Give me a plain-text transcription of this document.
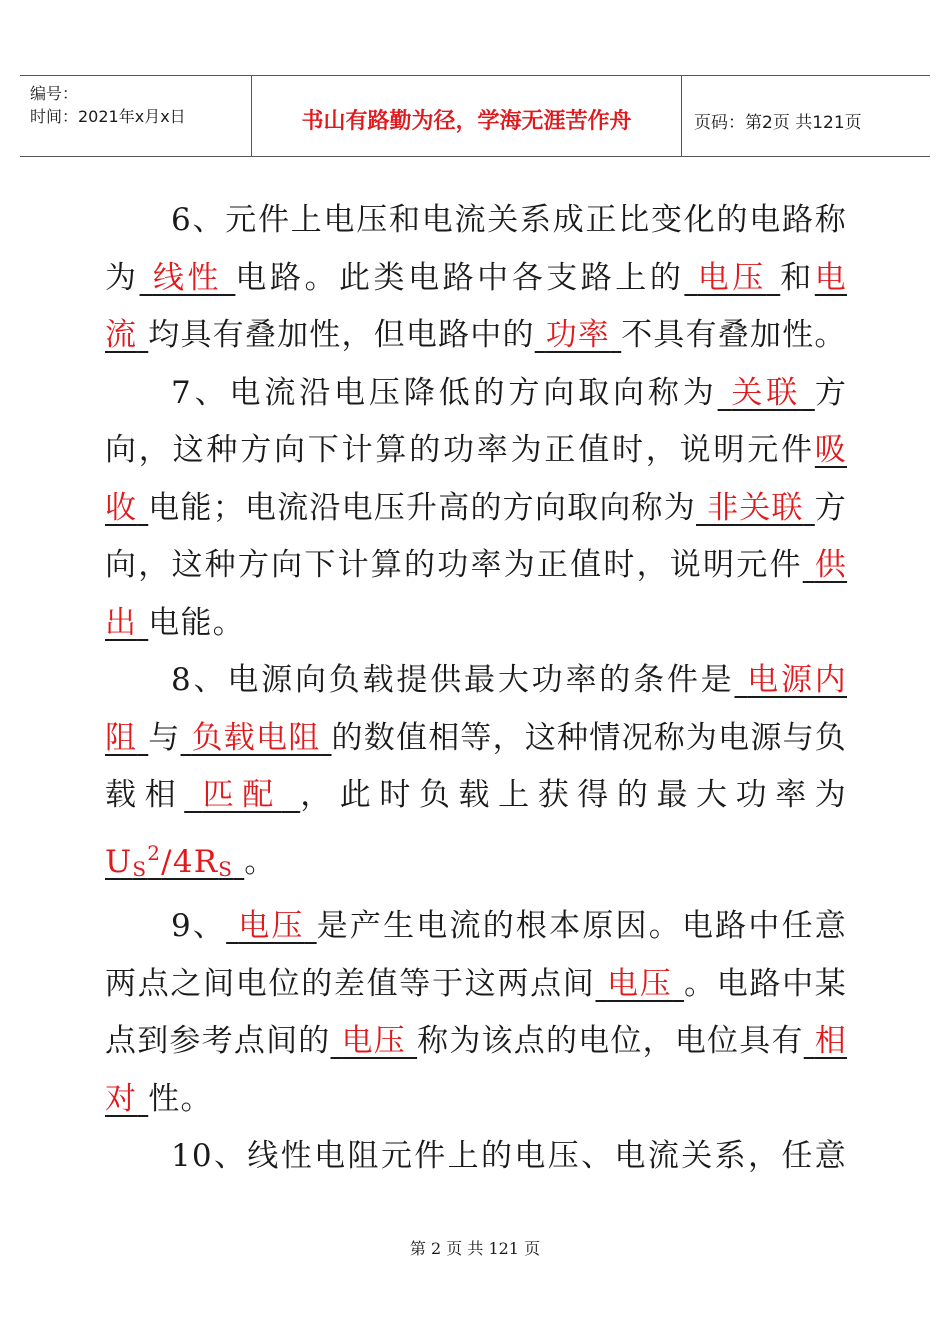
编号：
时间：2021年x月x日	书山有路勤为径，学海无涯苦作舟	页码：第2页 共121页

6、元件上电压和电流关系成正比变化的电路称为 线性 电路。此类电路中各支路上的 电压 和电流 均具有叠加性，但电路中的 功率 不具有叠加性。

7、电流沿电压降低的方向取向称为 关联 方向，这种方向下计算的功率为正值时，说明元件吸收 电能；电流沿电压升高的方向取向称为 非关联 方向，这种方向下计算的功率为正值时，说明元件 供出 电能。

8、电源向负载提供最大功率的条件是 电源内阻 与 负载电阻 的数值相等，这种情况称为电源与负载相 匹配 ，此时负载上获得的最大功率为$U_S^2/4R_S$ 。

9、 电压 是产生电流的根本原因。电路中任意两点之间电位的差值等于这两点间 电压 。电路中某点到参考点间的 电压 称为该点的电位，电位具有 相对 性。

10、线性电阻元件上的电压、电流关系，任意

第 2 页 共 121 页
